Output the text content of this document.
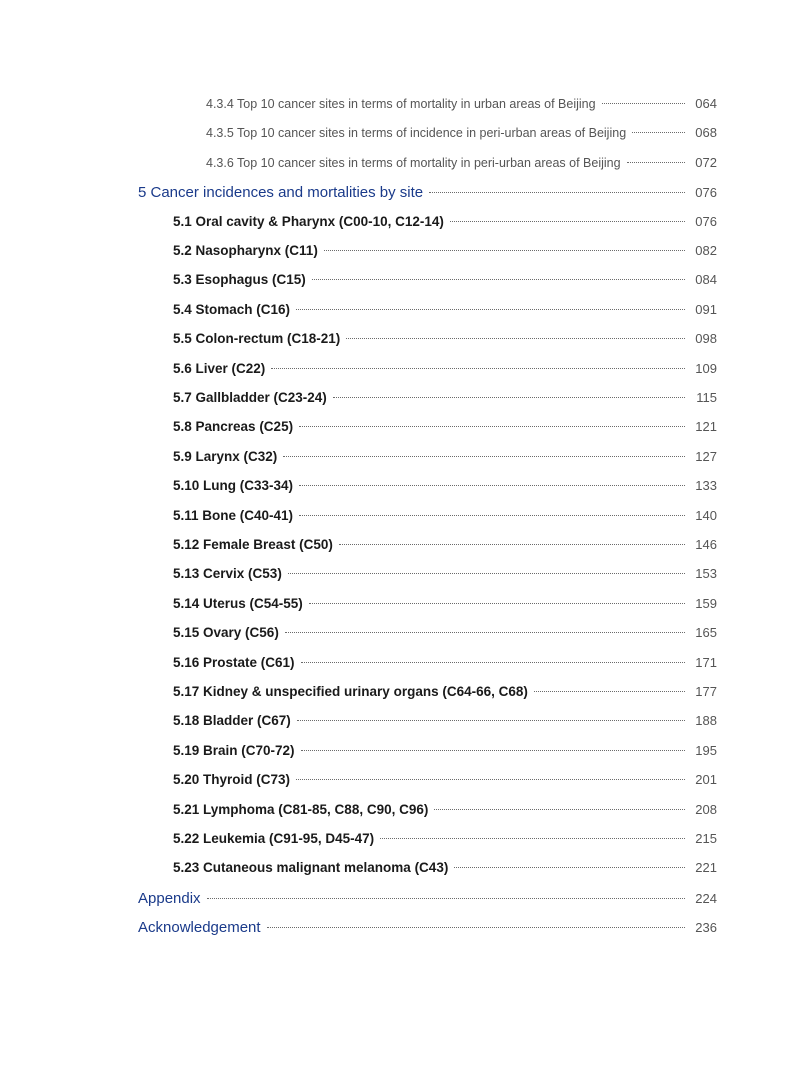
4.3.4 Top 10 cancer sites in terms of mortality in urban areas of Beijing	064
4.3.5 Top 10 cancer sites in terms of incidence in peri-urban areas of Beijing	068
4.3.6 Top 10 cancer sites in terms of mortality in peri-urban areas of Beijing	072
5 Cancer incidences and mortalities by site	076
5.1 Oral cavity & Pharynx (C00-10, C12-14)	076
5.2 Nasopharynx (C11)	082
5.3 Esophagus (C15)	084
5.4 Stomach (C16)	091
5.5 Colon-rectum (C18-21)	098
5.6 Liver (C22)	109
5.7 Gallbladder (C23-24)	115
5.8 Pancreas (C25)	121
5.9 Larynx (C32)	127
5.10 Lung (C33-34)	133
5.11 Bone (C40-41)	140
5.12 Female Breast (C50)	146
5.13 Cervix (C53)	153
5.14 Uterus (C54-55)	159
5.15 Ovary (C56)	165
5.16 Prostate (C61)	171
5.17 Kidney & unspecified urinary organs (C64-66, C68)	177
5.18 Bladder (C67)	188
5.19 Brain (C70-72)	195
5.20 Thyroid (C73)	201
5.21 Lymphoma (C81-85, C88, C90, C96)	208
5.22 Leukemia (C91-95, D45-47)	215
5.23 Cutaneous malignant melanoma (C43)	221
Appendix	224
Acknowledgement	236
